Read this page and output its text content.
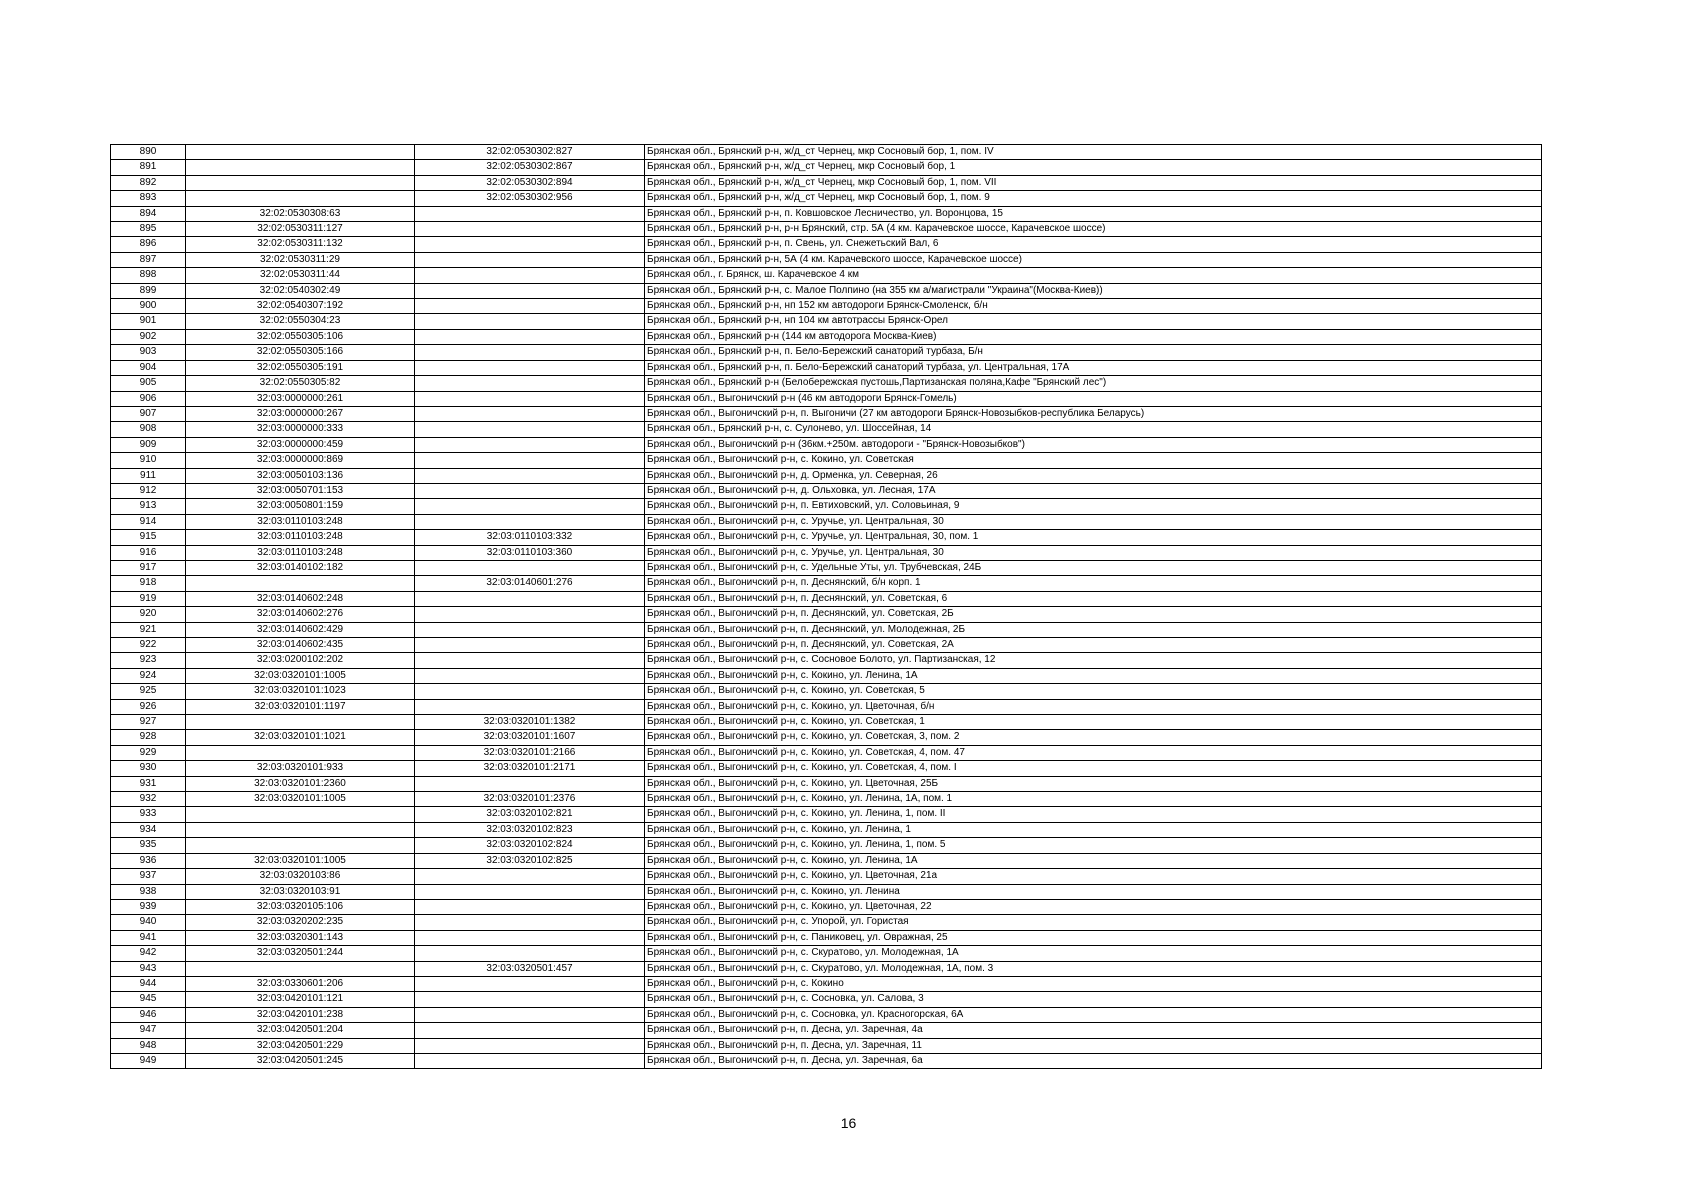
890		32:02:0530302:827	Брянская обл., Брянский р-н, ж/д_ст Чернец, мкр Сосновый бор, 1, пом. IV
891		32:02:0530302:867	Брянская обл., Брянский р-н, ж/д_ст Чернец, мкр Сосновый бор, 1
892		32:02:0530302:894	Брянская обл., Брянский р-н, ж/д_ст Чернец, мкр Сосновый бор, 1, пом. VII
893		32:02:0530302:956	Брянская обл., Брянский р-н, ж/д_ст Чернец, мкр Сосновый бор, 1, пом. 9
894	32:02:0530308:63		Брянская обл., Брянский р-н, п. Ковшовское Лесничество, ул. Воронцова, 15
895	32:02:0530311:127		Брянская обл., Брянский р-н, р-н Брянский, стр. 5А (4 км. Карачевское шоссе, Карачевское шоссе)
896	32:02:0530311:132		Брянская обл., Брянский р-н, п. Свень, ул. Снежетьский Вал, 6
897	32:02:0530311:29		Брянская обл., Брянский р-н, 5А (4 км. Карачевского шоссе, Карачевское шоссе)
898	32:02:0530311:44		Брянская обл., г. Брянск, ш. Карачевское 4 км
899	32:02:0540302:49		Брянская обл., Брянский р-н, с. Малое Полпино (на 355 км а/магистрали "Украина"(Москва-Киев))
900	32:02:0540307:192		Брянская обл., Брянский р-н, нп 152 км автодороги Брянск-Смоленск, б/н
901	32:02:0550304:23		Брянская обл., Брянский р-н, нп 104 км автотрассы Брянск-Орел
902	32:02:0550305:106		Брянская обл., Брянский р-н (144 км автодорога Москва-Киев)
903	32:02:0550305:166		Брянская обл., Брянский р-н, п. Бело-Бережский санаторий турбаза, Б/н
904	32:02:0550305:191		Брянская обл., Брянский р-н, п. Бело-Бережский санаторий турбаза, ул. Центральная, 17А
905	32:02:0550305:82		Брянская обл., Брянский р-н (Белобережская пустошь,Партизанская поляна,Кафе "Брянский лес")
906	32:03:0000000:261		Брянская обл., Выгоничский р-н (46 км автодороги Брянск-Гомель)
907	32:03:0000000:267		Брянская обл., Выгоничский р-н, п. Выгоничи (27 км автодороги Брянск-Новозыбков-республика Беларусь)
908	32:03:0000000:333		Брянская обл., Брянский р-н, с. Сулонево, ул. Шоссейная, 14
909	32:03:0000000:459		Брянская обл., Выгоничский р-н (36км.+250м. автодороги - "Брянск-Новозыбков")
910	32:03:0000000:869		Брянская обл., Выгоничский р-н, с. Кокино, ул. Советская
911	32:03:0050103:136		Брянская обл., Выгоничский р-н, д. Орменка, ул. Северная, 26
912	32:03:0050701:153		Брянская обл., Выгоничский р-н, д. Ольховка, ул. Лесная, 17А
913	32:03:0050801:159		Брянская обл., Выгоничский р-н, п. Евтиховский, ул. Соловьиная, 9
914	32:03:0110103:248		Брянская обл., Выгоничский р-н, с. Уручье, ул. Центральная, 30
915	32:03:0110103:248	32:03:0110103:332	Брянская обл., Выгоничский р-н, с. Уручье, ул. Центральная, 30, пом. 1
916	32:03:0110103:248	32:03:0110103:360	Брянская обл., Выгоничский р-н, с. Уручье, ул. Центральная, 30
917	32:03:0140102:182		Брянская обл., Выгоничский р-н, с. Удельные Уты, ул. Трубчевская, 24Б
918		32:03:0140601:276	Брянская обл., Выгоничский р-н, п. Деснянский, б/н корп. 1
919	32:03:0140602:248		Брянская обл., Выгоничский р-н, п. Деснянский, ул. Советская, 6
920	32:03:0140602:276		Брянская обл., Выгоничский р-н, п. Деснянский, ул. Советская, 2Б
921	32:03:0140602:429		Брянская обл., Выгоничский р-н, п. Деснянский, ул. Молодежная, 2Б
922	32:03:0140602:435		Брянская обл., Выгоничский р-н, п. Деснянский, ул. Советская, 2А
923	32:03:0200102:202		Брянская обл., Выгоничский р-н, с. Сосновое Болото, ул. Партизанская, 12
924	32:03:0320101:1005		Брянская обл., Выгоничский р-н, с. Кокино, ул. Ленина, 1А
925	32:03:0320101:1023		Брянская обл., Выгоничский р-н, с. Кокино, ул. Советская, 5
926	32:03:0320101:1197		Брянская обл., Выгоничский р-н, с. Кокино, ул. Цветочная, б/н
927		32:03:0320101:1382	Брянская обл., Выгоничский р-н, с. Кокино, ул. Советская, 1
928	32:03:0320101:1021	32:03:0320101:1607	Брянская обл., Выгоничский р-н, с. Кокино, ул. Советская, 3, пом. 2
929		32:03:0320101:2166	Брянская обл., Выгоничский р-н, с. Кокино, ул. Советская, 4, пом. 47
930	32:03:0320101:933	32:03:0320101:2171	Брянская обл., Выгоничский р-н, с. Кокино, ул. Советская, 4, пом. I
931	32:03:0320101:2360		Брянская обл., Выгоничский р-н, с. Кокино, ул. Цветочная, 25Б
932	32:03:0320101:1005	32:03:0320101:2376	Брянская обл., Выгоничский р-н, с. Кокино, ул. Ленина, 1А, пом. 1
933		32:03:0320102:821	Брянская обл., Выгоничский р-н, с. Кокино, ул. Ленина, 1, пом. II
934		32:03:0320102:823	Брянская обл., Выгоничский р-н, с. Кокино, ул. Ленина, 1
935		32:03:0320102:824	Брянская обл., Выгоничский р-н, с. Кокино, ул. Ленина, 1, пом. 5
936	32:03:0320101:1005	32:03:0320102:825	Брянская обл., Выгоничский р-н, с. Кокино, ул. Ленина, 1А
937	32:03:0320103:86		Брянская обл., Выгоничский р-н, с. Кокино, ул. Цветочная, 21а
938	32:03:0320103:91		Брянская обл., Выгоничский р-н, с. Кокино, ул. Ленина
939	32:03:0320105:106		Брянская обл., Выгоничский р-н, с. Кокино, ул. Цветочная, 22
940	32:03:0320202:235		Брянская обл., Выгоничский р-н, с. Упорой, ул. Гористая
941	32:03:0320301:143		Брянская обл., Выгоничский р-н, с. Паниковец, ул. Овражная, 25
942	32:03:0320501:244		Брянская обл., Выгоничский р-н, с. Скуратово, ул. Молодежная, 1А
943		32:03:0320501:457	Брянская обл., Выгоничский р-н, с. Скуратово, ул. Молодежная, 1А, пом. 3
944	32:03:0330601:206		Брянская обл., Выгоничский р-н, с. Кокино
945	32:03:0420101:121		Брянская обл., Выгоничский р-н, с. Сосновка, ул. Салова, 3
946	32:03:0420101:238		Брянская обл., Выгоничский р-н, с. Сосновка, ул. Красногорская, 6А
947	32:03:0420501:204		Брянская обл., Выгоничский р-н, п. Десна, ул. Заречная, 4а
948	32:03:0420501:229		Брянская обл., Выгоничский р-н, п. Десна, ул. Заречная, 11
949	32:03:0420501:245		Брянская обл., Выгоничский р-н, п. Десна, ул. Заречная, 6а
16
